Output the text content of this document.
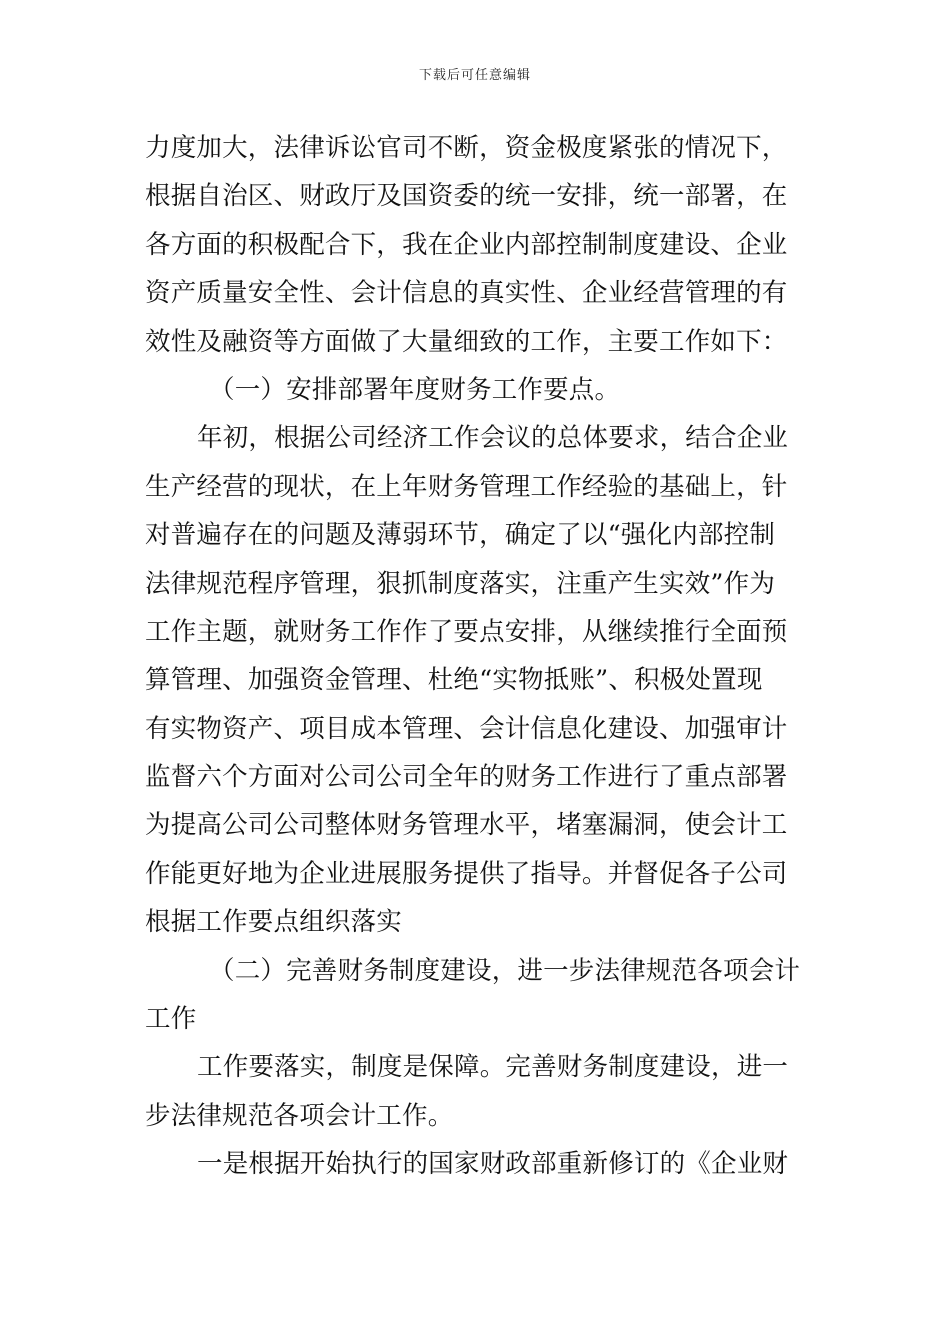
下载后可任意编辑
力度加大，法律诉讼官司不断，资金极度紧张的情况下，
根据自治区、财政厅及国资委的统一安排，统一部署，在
各方面的积极配合下，我在企业内部控制制度建设、企业
资产质量安全性、会计信息的真实性、企业经营管理的有
效性及融资等方面做了大量细致的工作，主要工作如下：
（一）安排部署年度财务工作要点。
年初，根据公司经济工作会议的总体要求，结合企业
生产经营的现状，在上年财务管理工作经验的基础上，针
对普遍存在的问题及薄弱环节，确定了以“强化内部控制
法律规范程序管理，狠抓制度落实，注重产生实效”作为
工作主题，就财务工作作了要点安排，从继续推行全面预
算管理、加强资金管理、杜绝“实物抵账”、积极处置现
有实物资产、项目成本管理、会计信息化建设、加强审计
监督六个方面对公司公司全年的财务工作进行了重点部署
为提高公司公司整体财务管理水平，堵塞漏洞，使会计工
作能更好地为企业进展服务提供了指导。并督促各子公司
根据工作要点组织落实
（二）完善财务制度建设，进一步法律规范各项会计
工作
工作要落实，制度是保障。完善财务制度建设，进一
步法律规范各项会计工作。
一是根据开始执行的国家财政部重新修订的《企业财
